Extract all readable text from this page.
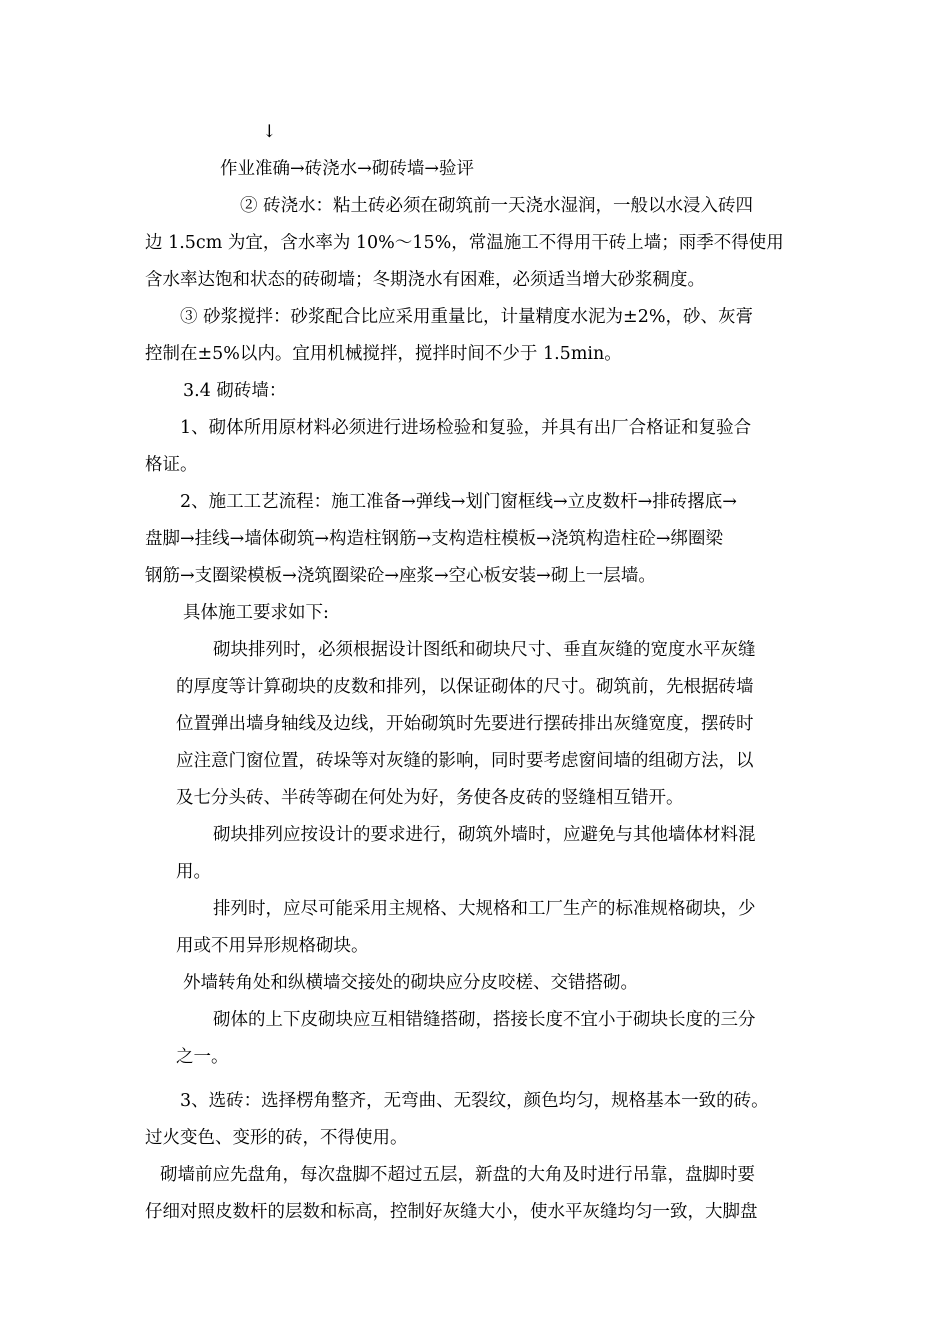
↓
作业准确→砖浇水→砌砖墙→验评
② 砖浇水：粘土砖必须在砌筑前一天浇水湿润，一般以水浸入砖四
边 1.5cm 为宜，含水率为 10%～15%，常温施工不得用干砖上墙；雨季不得使用
含水率达饱和状态的砖砌墙；冬期浇水有困难，必须适当增大砂浆稠度。
③ 砂浆搅拌：砂浆配合比应采用重量比，计量精度水泥为±2%，砂、灰膏
控制在±5%以内。宜用机械搅拌，搅拌时间不少于 1.5min。
3.4 砌砖墙：
1、砌体所用原材料必须进行进场检验和复验，并具有出厂合格证和复验合
格证。
2、施工工艺流程：施工准备→弹线→划门窗框线→立皮数杆→排砖撂底→
盘脚→挂线→墙体砌筑→构造柱钢筋→支构造柱模板→浇筑构造柱砼→绑圈梁
钢筋→支圈梁模板→浇筑圈梁砼→座浆→空心板安装→砌上一层墙。
具体施工要求如下:
砌块排列时，必须根据设计图纸和砌块尺寸、垂直灰缝的宽度水平灰缝
的厚度等计算砌块的皮数和排列，以保证砌体的尺寸。砌筑前，先根据砖墙
位置弹出墙身轴线及边线，开始砌筑时先要进行摆砖排出灰缝宽度，摆砖时
应注意门窗位置，砖垛等对灰缝的影响，同时要考虑窗间墙的组砌方法，以
及七分头砖、半砖等砌在何处为好，务使各皮砖的竖缝相互错开。
砌块排列应按设计的要求进行，砌筑外墙时，应避免与其他墙体材料混
用。
排列时，应尽可能采用主规格、大规格和工厂生产的标准规格砌块，少
用或不用异形规格砌块。
外墙转角处和纵横墙交接处的砌块应分皮咬槎、交错搭砌。
砌体的上下皮砌块应互相错缝搭砌，搭接长度不宜小于砌块长度的三分
之一。
3、选砖：选择楞角整齐，无弯曲、无裂纹，颜色均匀，规格基本一致的砖。
过火变色、变形的砖，不得使用。
砌墙前应先盘角，每次盘脚不超过五层，新盘的大角及时进行吊靠，盘脚时要
仔细对照皮数杆的层数和标高，控制好灰缝大小，使水平灰缝均匀一致，大脚盘
